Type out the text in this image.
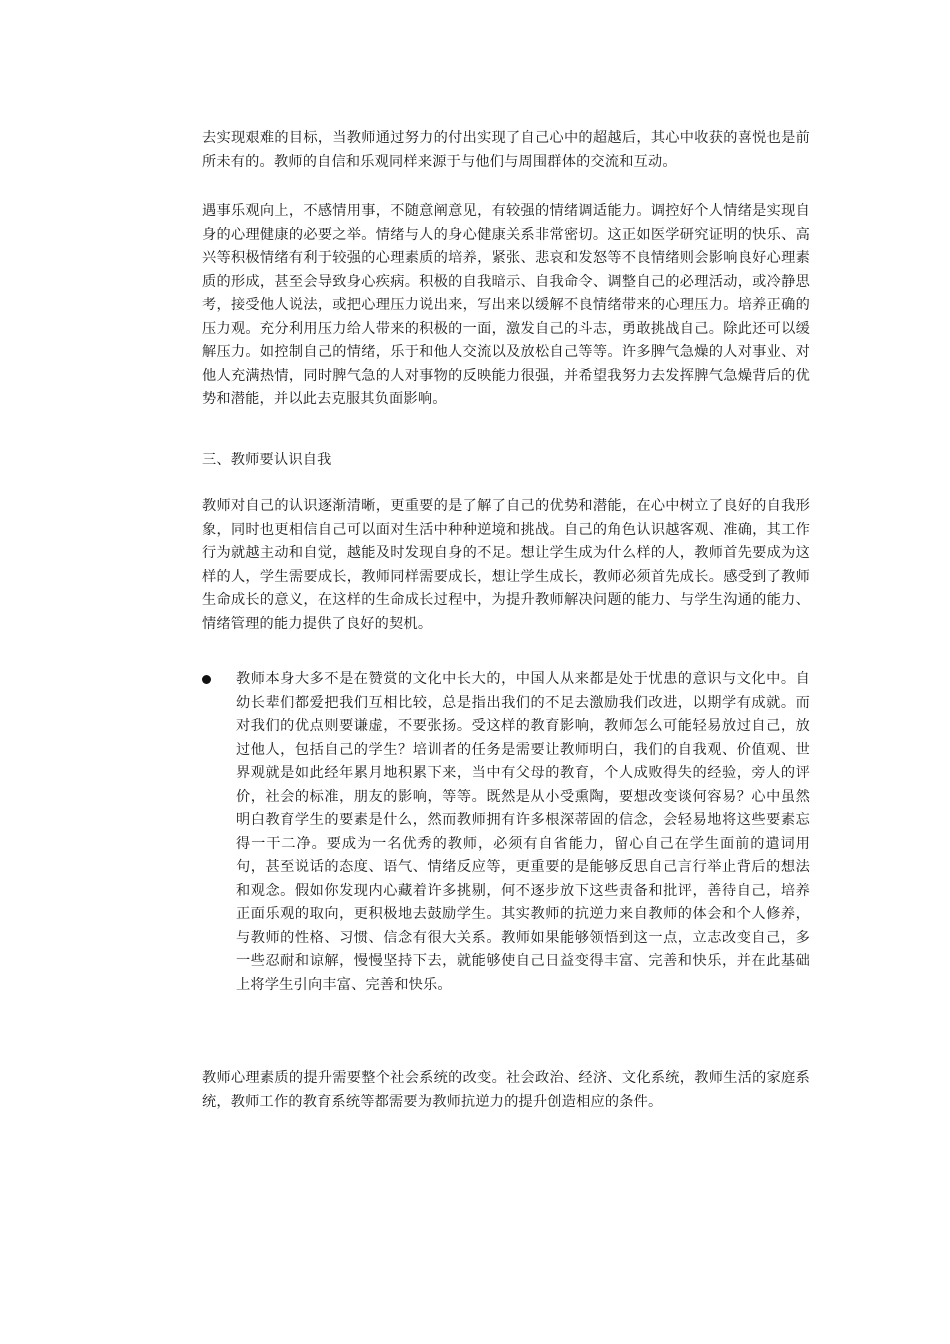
去实现艰难的目标，当教师通过努力的付出实现了自己心中的超越后，其心中收获的喜悦也是前所未有的。教师的自信和乐观同样来源于与他们与周围群体的交流和互动。

遇事乐观向上，不感情用事，不随意阐意见，有较强的情绪调适能力。调控好个人情绪是实现自身的心理健康的必要之举。情绪与人的身心健康关系非常密切。这正如医学研究证明的快乐、高兴等积极情绪有利于较强的心理素质的培养，紧张、悲哀和发怒等不良情绪则会影响良好心理素质的形成，甚至会导致身心疾病。积极的自我暗示、自我命令、调整自己的必理活动，或冷静思考，接受他人说法，或把心理压力说出来，写出来以缓解不良情绪带来的心理压力。培养正确的压力观。充分利用压力给人带来的积极的一面，激发自己的斗志，勇敢挑战自己。除此还可以缓解压力。如控制自己的情绪，乐于和他人交流以及放松自己等等。许多脾气急燥的人对事业、对他人充满热情，同时脾气急的人对事物的反映能力很强，并希望我努力去发挥脾气急燥背后的优势和潜能，并以此去克服其负面影响。

三、教师要认识自我

教师对自己的认识逐渐清晰，更重要的是了解了自己的优势和潜能，在心中树立了良好的自我形象，同时也更相信自己可以面对生活中种种逆境和挑战。自己的角色认识越客观、准确，其工作行为就越主动和自觉，越能及时发现自身的不足。想让学生成为什么样的人，教师首先要成为这样的人，学生需要成长，教师同样需要成长，想让学生成长，教师必须首先成长。感受到了教师生命成长的意义，在这样的生命成长过程中，为提升教师解决问题的能力、与学生沟通的能力、情绪管理的能力提供了良好的契机。

教师本身大多不是在赞赏的文化中长大的，中国人从来都是处于忧患的意识与文化中。自幼长辈们都爱把我们互相比较，总是指出我们的不足去激励我们改进，以期学有成就。而对我们的优点则要谦虚，不要张扬。受这样的教育影响，教师怎么可能轻易放过自己，放过他人，包括自己的学生？培训者的任务是需要让教师明白，我们的自我观、价值观、世界观就是如此经年累月地积累下来，当中有父母的教育，个人成败得失的经验，旁人的评价，社会的标准，朋友的影响，等等。既然是从小受熏陶，要想改变谈何容易？心中虽然明白教育学生的要素是什么，然而教师拥有许多根深蒂固的信念，会轻易地将这些要素忘得一干二净。要成为一名优秀的教师，必须有自省能力，留心自己在学生面前的遣词用句，甚至说话的态度、语气、情绪反应等，更重要的是能够反思自己言行举止背后的想法和观念。假如你发现内心藏着许多挑剔，何不逐步放下这些责备和批评，善待自己，培养正面乐观的取向，更积极地去鼓励学生。其实教师的抗逆力来自教师的体会和个人修养，与教师的性格、习惯、信念有很大关系。教师如果能够领悟到这一点，立志改变自己，多一些忍耐和谅解，慢慢坚持下去，就能够使自己日益变得丰富、完善和快乐，并在此基础上将学生引向丰富、完善和快乐。

教师心理素质的提升需要整个社会系统的改变。社会政治、经济、文化系统，教师生活的家庭系统，教师工作的教育系统等都需要为教师抗逆力的提升创造相应的条件。
